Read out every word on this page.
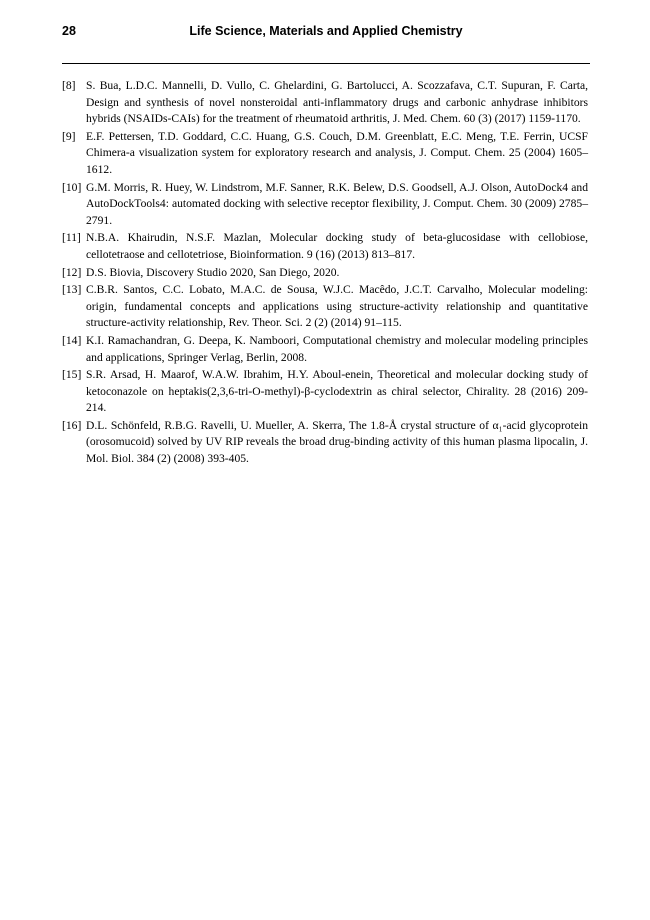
28	Life Science, Materials and Applied Chemistry
[8] S. Bua, L.D.C. Mannelli, D. Vullo, C. Ghelardini, G. Bartolucci, A. Scozzafava, C.T. Supuran, F. Carta, Design and synthesis of novel nonsteroidal anti-inflammatory drugs and carbonic anhydrase inhibitors hybrids (NSAIDs-CAIs) for the treatment of rheumatoid arthritis, J. Med. Chem. 60 (3) (2017) 1159-1170.
[9] E.F. Pettersen, T.D. Goddard, C.C. Huang, G.S. Couch, D.M. Greenblatt, E.C. Meng, T.E. Ferrin, UCSF Chimera-a visualization system for exploratory research and analysis, J. Comput. Chem. 25 (2004) 1605–1612.
[10] G.M. Morris, R. Huey, W. Lindstrom, M.F. Sanner, R.K. Belew, D.S. Goodsell, A.J. Olson, AutoDock4 and AutoDockTools4: automated docking with selective receptor flexibility, J. Comput. Chem. 30 (2009) 2785–2791.
[11] N.B.A. Khairudin, N.S.F. Mazlan, Molecular docking study of beta-glucosidase with cellobiose, cellotetraose and cellotetriose, Bioinformation. 9 (16) (2013) 813–817.
[12] D.S. Biovia, Discovery Studio 2020, San Diego, 2020.
[13] C.B.R. Santos, C.C. Lobato, M.A.C. de Sousa, W.J.C. Macêdo, J.C.T. Carvalho, Molecular modeling: origin, fundamental concepts and applications using structure-activity relationship and quantitative structure-activity relationship, Rev. Theor. Sci. 2 (2) (2014) 91–115.
[14] K.I. Ramachandran, G. Deepa, K. Namboori, Computational chemistry and molecular modeling principles and applications, Springer Verlag, Berlin, 2008.
[15] S.R. Arsad, H. Maarof, W.A.W. Ibrahim, H.Y. Aboul-enein, Theoretical and molecular docking study of ketoconazole on heptakis(2,3,6-tri-O-methyl)-β-cyclodextrin as chiral selector, Chirality. 28 (2016) 209-214.
[16] D.L. Schönfeld, R.B.G. Ravelli, U. Mueller, A. Skerra, The 1.8-Å crystal structure of α₁-acid glycoprotein (orosomucoid) solved by UV RIP reveals the broad drug-binding activity of this human plasma lipocalin, J. Mol. Biol. 384 (2) (2008) 393-405.
